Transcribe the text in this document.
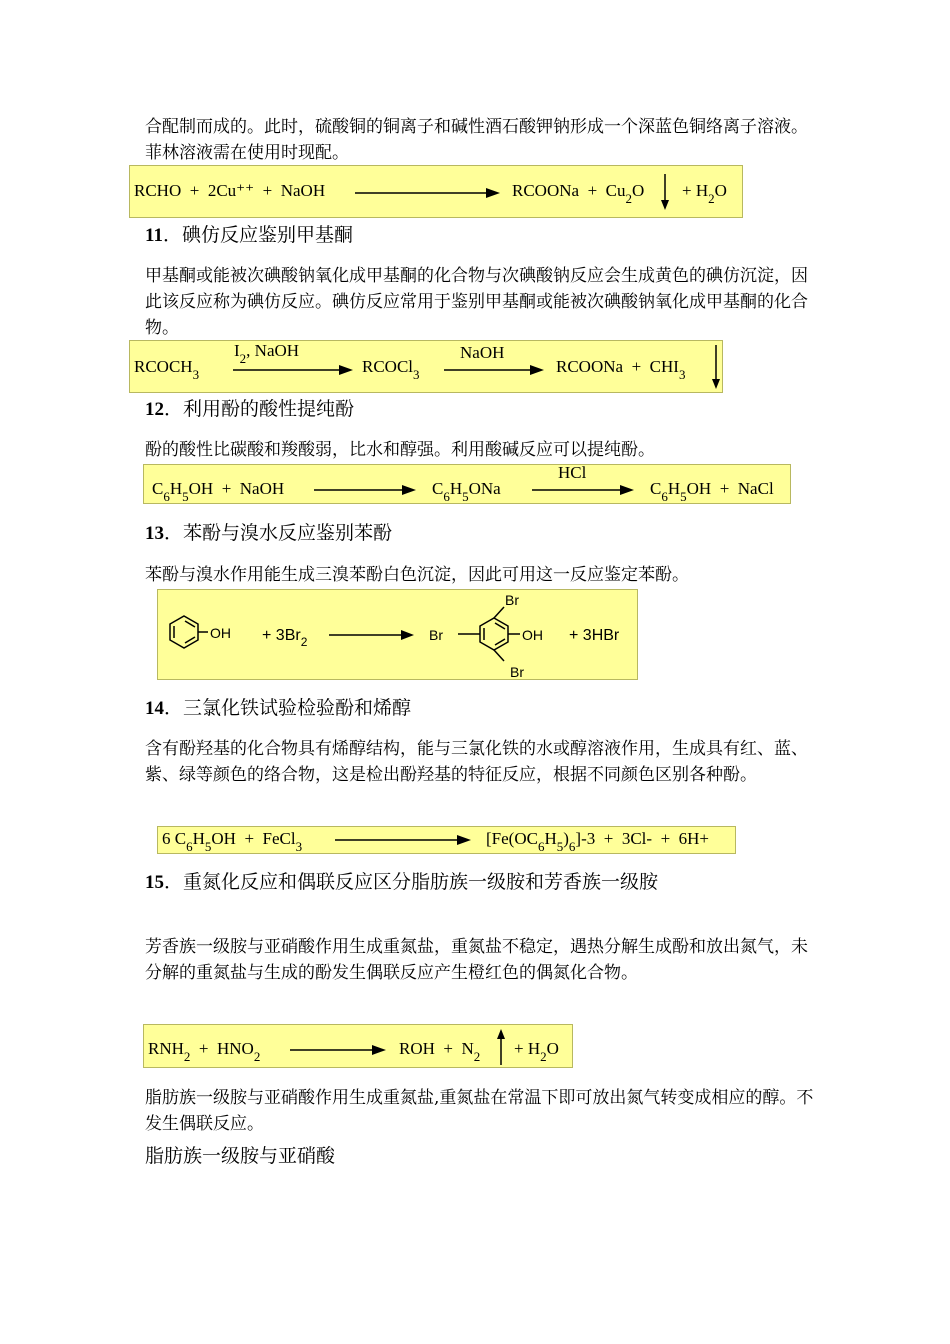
合配制而成的。此时，硫酸铜的铜离子和碱性酒石酸钾钠形成一个深蓝色铜络离子溶液。菲林溶液需在使用时现配。
RCHO + 2Cu⁺⁺ + NaOH	RCOONa + $Cu_2O + H_2O$
11．碘仿反应鉴别甲基酮
甲基酮或能被次碘酸钠氧化成甲基酮的化合物与次碘酸钠反应会生成黄色的碘仿沉淀，因此该反应称为碘仿反应。碘仿反应常用于鉴别甲基酮或能被次碘酸钠氧化成甲基酮的化合物。
$RCOCH_3$
$I_2$, NaOH
RCOCl$_3$
NaOH
RCOONa + $CHI_3$
12．利用酚的酸性提纯酚
酚的酸性比碳酸和羧酸弱，比水和醇强。利用酸碱反应可以提纯酚。
$C_6H_5OH$ + NaOH	$C_6H_5ONa$
HCl
$C_6H_5OH$ + NaCl
13．苯酚与溴水反应鉴别苯酚
苯酚与溴水作用能生成三溴苯酚白色沉淀，因此可用这一反应鉴定苯酚。
OH + $3Br_2$
Br
Br
Br
OH + 3HBr
14．三氯化铁试验检验酚和烯醇
含有酚羟基的化合物具有烯醇结构，能与三氯化铁的水或醇溶液作用，生成具有红、蓝、紫、绿等颜色的络合物，这是检出酚羟基的特征反应，根据不同颜色区别各种酚。
6 $C_6H_5OH$ + FeCl$_3$	$[Fe(OC_6H_5)_6]-3 + 3Cl- + 6H+$
15．重氮化反应和偶联反应区分脂肪族一级胺和芳香族一级胺
芳香族一级胺与亚硝酸作用生成重氮盐，重氮盐不稳定，遇热分解生成酚和放出氮气，未分解的重氮盐与生成的酚发生偶联反应产生橙红色的偶氮化合物。
$RNH_2 + HNO_2$	ROH + $N_2 + H_2O$
脂肪族一级胺与亚硝酸作用生成重氮盐,重氮盐在常温下即可放出氮气转变成相应的醇。不发生偶联反应。
脂肪族一级胺与亚硝酸
